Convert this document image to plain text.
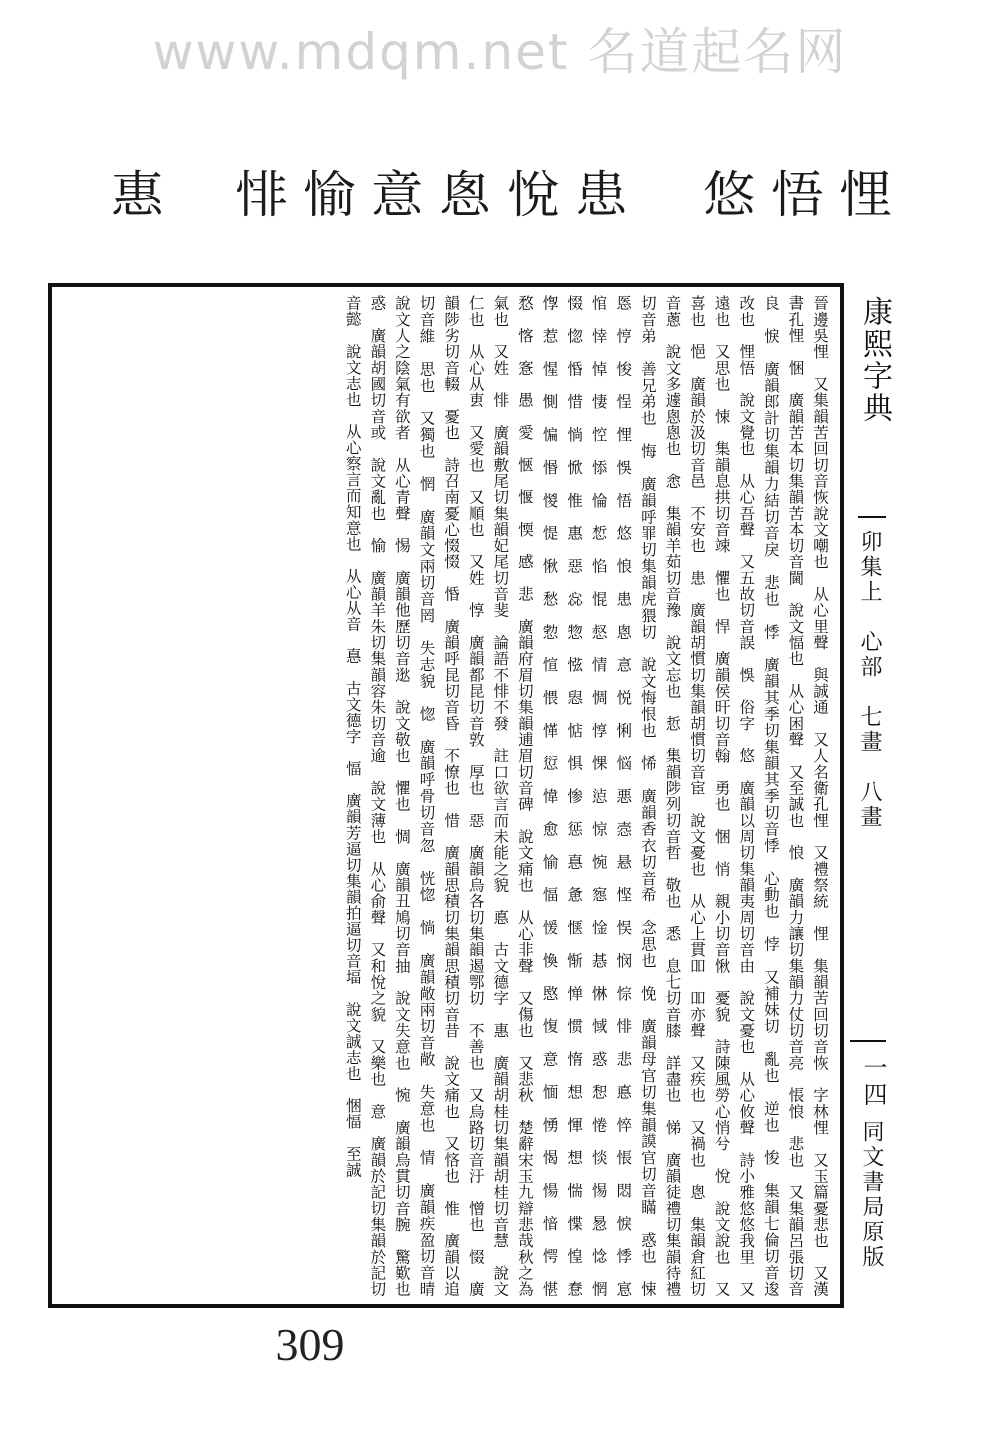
www.mdqm.net 名道起名网
悝
悟
悠
患
悅
悤
意
愉
悱
惠
晉邊吳悝　又集韻苦回切音恢說文嘲也　从心里聲　與誠通　又人名衛孔悝　又禮祭統　悝　集韻苦回切音恢　字林悝　又玉篇憂悲也　又漢書孔悝　悃　廣韻苦本切集韻苦本切音閫　說文愊也　从心困聲　又至誠也　悢　廣韻力讓切集韻力仗切音亮　悵悢　悲也　又集韻呂張切音良　悷　廣韻郎計切集韻力結切音戾　悲也　悸　廣韻其季切集韻其季切音悸　心動也　悖　又補妹切　亂也　逆也　悛　集韻七倫切音逡　改也　悝悟　說文覺也　从心吾聲　又五故切音誤　悞　俗字　悠　廣韻以周切集韻夷周切音由　說文憂也　从心攸聲　詩小雅悠悠我里　又遠也　又思也　悚　集韻息拱切音竦　懼也　悍　廣韻侯旰切音翰　勇也　悃　悄　親小切音愀　憂貌　詩陳風勞心悄兮　悅　說文說也　又喜也　悒　廣韻於汲切音邑　不安也　患　廣韻胡慣切集韻胡慣切音宦　說文憂也　从心上貫吅　吅亦聲　又疾也　又禍也　悤　集韻倉紅切音蔥　說文多遽悤悤也　悆　集韻羊茹切音豫　說文忘也　悊　集韻陟列切音哲　敬也　悉　息七切音膝　詳盡也　悌　廣韻徒禮切集韻待禮切音弟　善兄弟也　悔　廣韻呼罪切集韻虎猥切　說文悔恨也　悕　廣韻香衣切音希　念思也　悗　廣韻母官切集韻謨官切音瞞　惑也　悚　悘　悙　悛　悜　悝　悞　悟　悠　悢　患　悤　悥　悦　悧　悩　悪　悫　悬　悭　悮　悯　悰　悱　悲　悳　悴　悵　悶　悷　悸　悹　悺　悻　悼　悽　悾　悿　惀　惁　惂　惃　惄　情　惆　惇　惈　惉　惊　惋　惌　惍　惎　惏　惐　惑　惒　惓　惔　惕　惖　惗　惘　惙　惚　惛　惜　惝　惞　惟　惠　惡　惢　惣　惤　惥　惦　惧　惨　惩　惪　惫　惬　惭　惮　惯　惰　想　惲　想　惴　惵　惶　惷　惸　惹　惺　惻　惼　惽　惾　惿　愀　愁　愂　愃　愄　愅　愆　愇　愈　愉　愊　愋　愌　愍　愎　意　愐　愑　愒　愓　愔　愕　愖　愗　愘　愙　愚　愛　愜　愝　愞　感　悲　廣韻府眉切集韻逋眉切音碑　說文痛也　从心非聲　又傷也　又悲秋　楚辭宋玉九辯悲哉秋之為氣也　又姓　悱　廣韻敷尾切集韻妃尾切音斐　論語不悱不發　註口欲言而未能之貌　悳　古文德字　惠　廣韻胡桂切集韻胡桂切音慧　說文仁也　从心从叀　又愛也　又順也　又姓　惇　廣韻都昆切音敦　厚也　惡　廣韻烏各切集韻遏鄂切　不善也　又烏路切音汙　憎也　惙　廣韻陟劣切音輟　憂也　詩召南憂心惙惙　惛　廣韻呼昆切音昏　不憭也　惜　廣韻思積切集韻思積切音昔　說文痛也　又悋也　惟　廣韻以追切音維　思也　又獨也　惘　廣韻文兩切音罔　失志貌　惚　廣韻呼骨切音忽　恍惚　惝　廣韻敞兩切音敞　失意也　情　廣韻疾盈切音晴　說文人之陰氣有欲者　从心青聲　惕　廣韻他歷切音逖　說文敬也　懼也　惆　廣韻丑鳩切音抽　說文失意也　惋　廣韻烏貫切音腕　驚歎也　惑　廣韻胡國切音或　說文亂也　愉　廣韻羊朱切集韻容朱切音逾　說文薄也　从心俞聲　又和悅之貌　又樂也　意　廣韻於記切集韻於記切音懿　說文志也　从心察言而知意也　从心从音　惪　古文德字　愊　廣韻芳逼切集韻拍逼切音堛　說文誠志也　悃愊　至誠	康熙字典
卯集上　心部　七畫　八畫
一四
同文書局原版
309
